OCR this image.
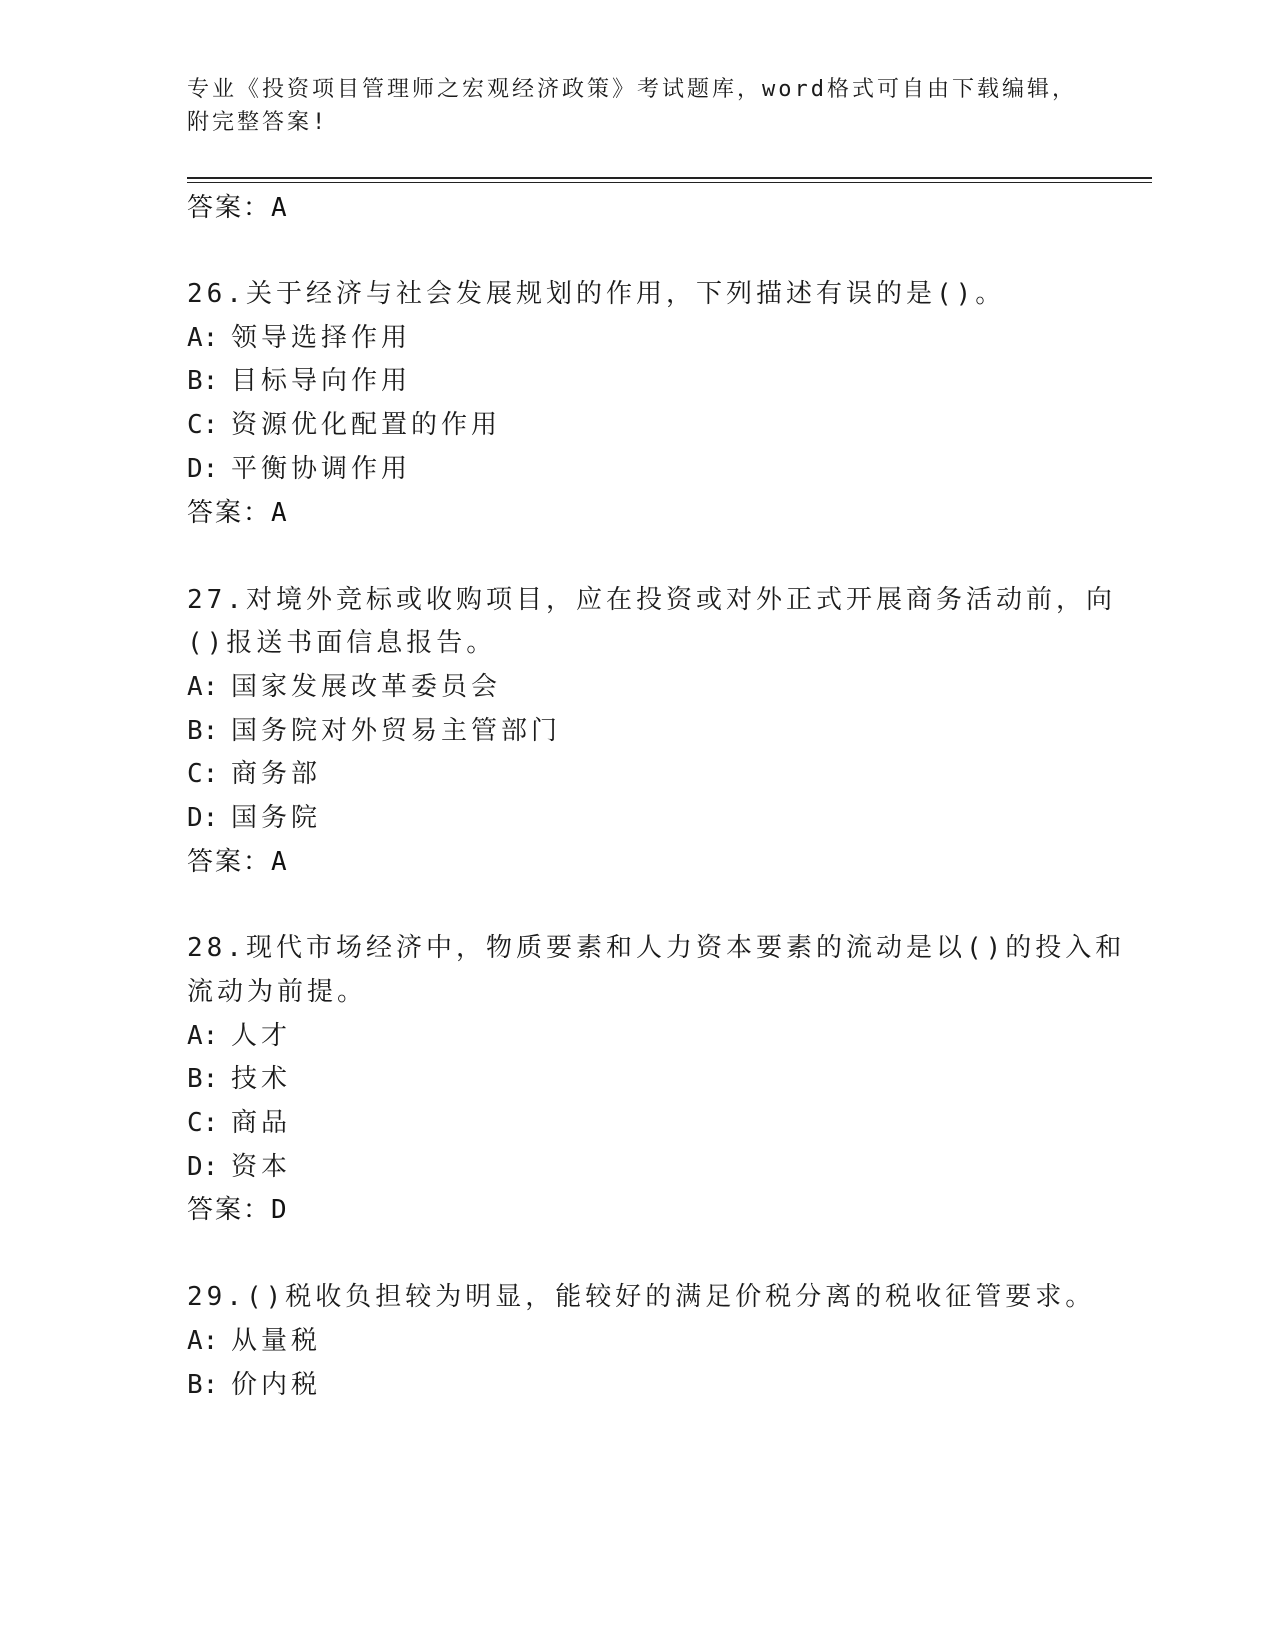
专业《投资项目管理师之宏观经济政策》考试题库，word格式可自由下载编辑，
附完整答案!
答案：A
26.关于经济与社会发展规划的作用，下列描述有误的是()。
A: 领导选择作用
B: 目标导向作用
C: 资源优化配置的作用
D: 平衡协调作用
答案：A
27.对境外竞标或收购项目，应在投资或对外正式开展商务活动前，向
()报送书面信息报告。
A: 国家发展改革委员会
B: 国务院对外贸易主管部门
C: 商务部
D: 国务院
答案：A
28.现代市场经济中，物质要素和人力资本要素的流动是以()的投入和
流动为前提。
A: 人才
B: 技术
C: 商品
D: 资本
答案：D
29.()税收负担较为明显，能较好的满足价税分离的税收征管要求。
A: 从量税
B: 价内税
